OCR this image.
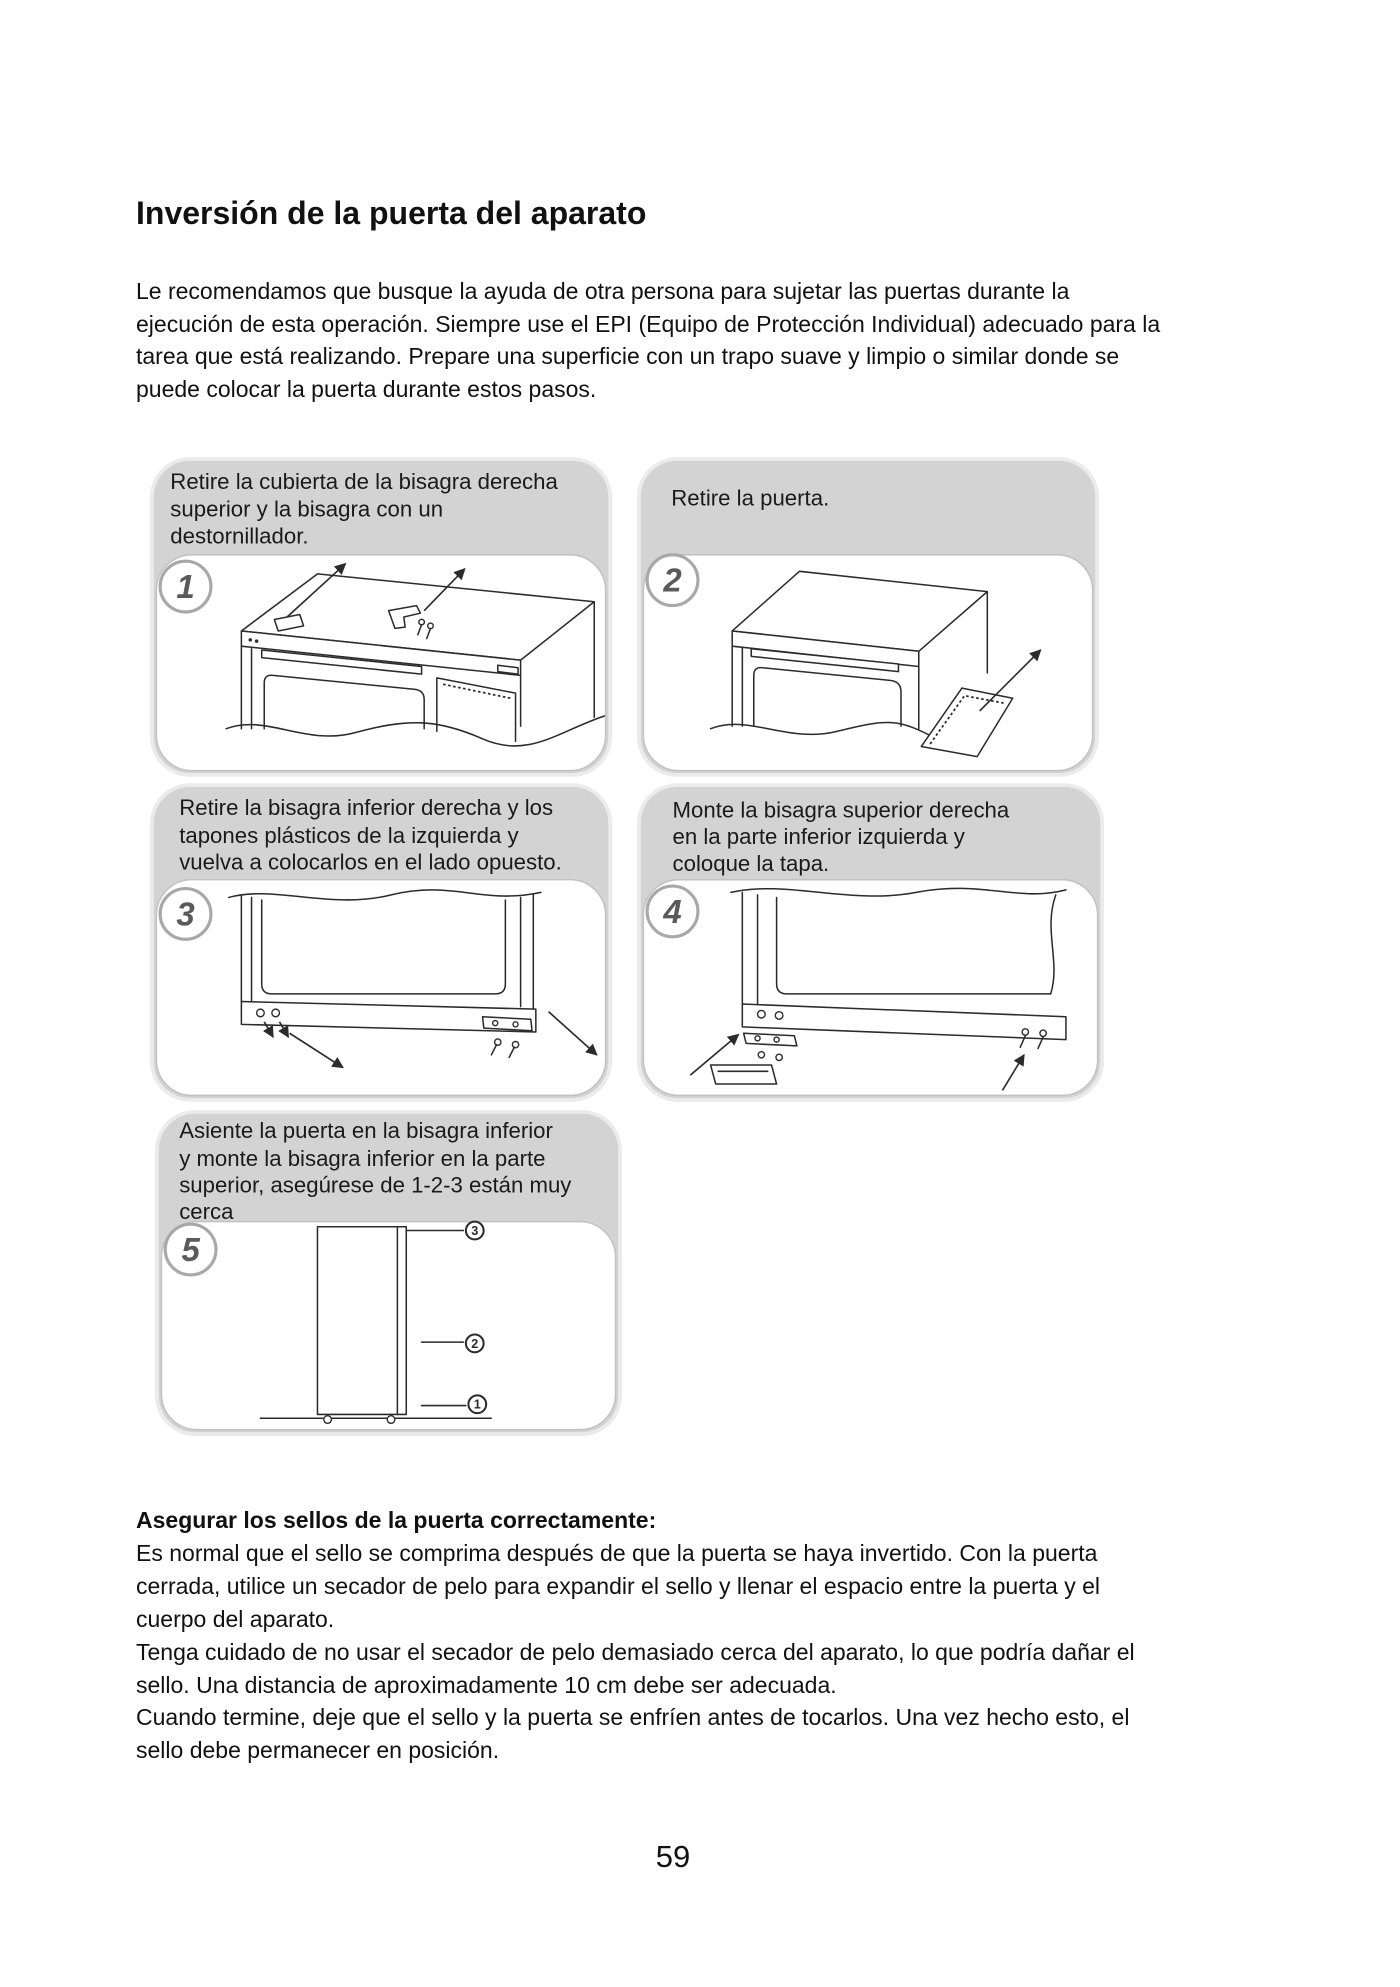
Inversión de la puerta del aparato
Le recomendamos que busque la ayuda de otra persona para sujetar las puertas durante la
ejecución de esta operación. Siempre use el EPI (Equipo de Protección Individual) adecuado para la
tarea que está realizando. Prepare una superficie con un trapo suave y limpio o similar donde se
puede colocar la puerta durante estos pasos.
Retire la cubierta de la bisagra derecha
superior y la bisagra con un
destornillador.
1
Retire la puerta.
2
Retire la bisagra inferior derecha y los
tapones plásticos de la izquierda y
vuelva a colocarlos en el lado opuesto.
3
Monte la bisagra superior derecha
en la parte inferior izquierda y
coloque la tapa.
4
Asiente la puerta en la bisagra inferior
y monte la bisagra inferior en la parte
superior, asegúrese de 1-2-3 están muy
cerca
3
2
1
5
Asegurar los sellos de la puerta correctamente:
Es normal que el sello se comprima después de que la puerta se haya invertido. Con la puerta
cerrada, utilice un secador de pelo para expandir el sello y llenar el espacio entre la puerta y el
cuerpo del aparato.
Tenga cuidado de no usar el secador de pelo demasiado cerca del aparato, lo que podría dañar el
sello. Una distancia de aproximadamente 10 cm debe ser adecuada.
Cuando termine, deje que el sello y la puerta se enfríen antes de tocarlos. Una vez hecho esto, el
sello debe permanecer en posición.
59
